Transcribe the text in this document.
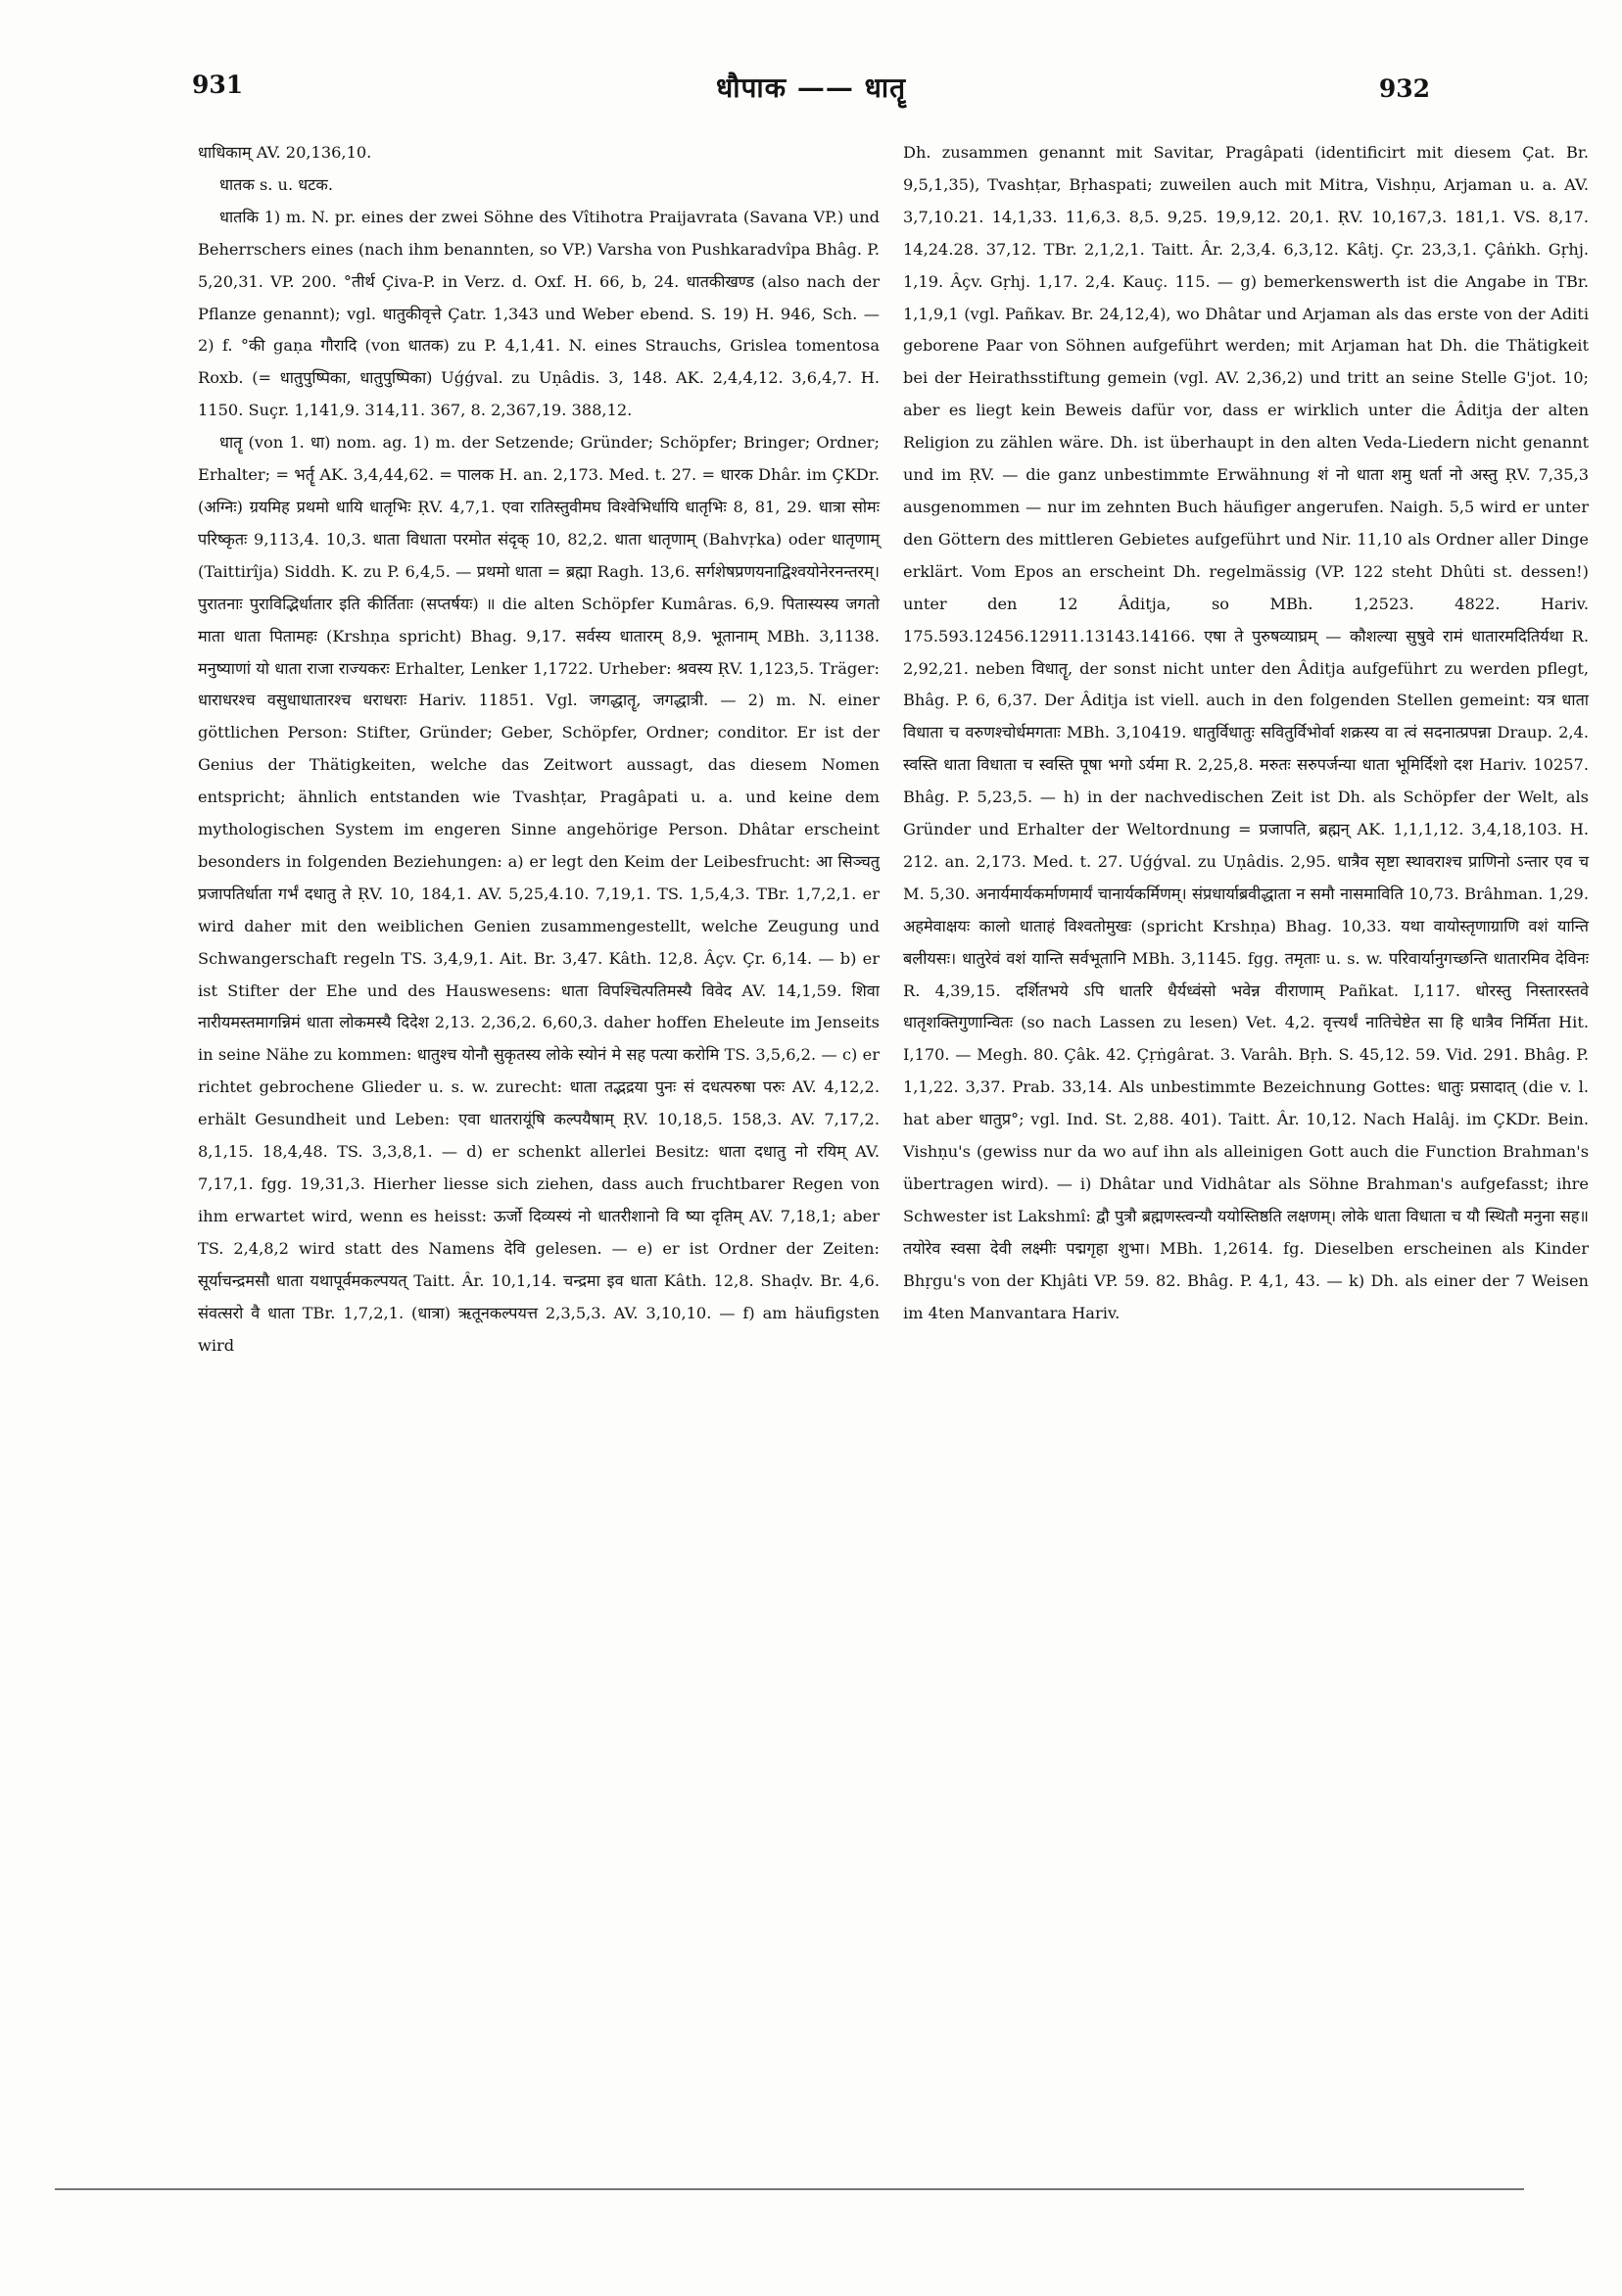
931	धौपाक —— धातॄ	932

धाधिकाम् AV. 20,136,10.

धातक s. u. धटक.

धातकि 1) m. N. pr. eines der zwei Söhne des Vîtihotra Praijavrata (Savana VP.) und Beherrschers eines (nach ihm benannten, so VP.) Varsha von Pushkaradvîpa Bhâg. P. 5,20,31. VP. 200. °तीर्थ Çiva-P. in Verz. d. Oxf. H. 66, b, 24. धातकीखण्ड (also nach der Pflanze genannt); vgl. धातुकीवृत्ते Çatr. 1,343 und Weber ebend. S. 19) H. 946, Sch. — 2) f. °की gaṇa गौरादि (von धातक) zu P. 4,1,41. N. eines Strauchs, Grislea tomentosa Roxb. (= धातुपुष्पिका, धातुपुष्पिका) Uǵǵval. zu Uṇâdis. 3, 148. AK. 2,4,4,12. 3,6,4,7. H. 1150. Suçr. 1,141,9. 314,11. 367, 8. 2,367,19. 388,12.

धातॄ (von 1. धा) nom. ag. 1) m. der Setzende; Gründer; Schöpfer; Bringer; Ordner; Erhalter; = भर्तॄ AK. 3,4,44,62. = पालक H. an. 2,173. Med. t. 27. = धारक Dhâr. im ÇKDr. (अग्निः) ग्रयमिह प्रथमो धायि धातृभिः ṚV. 4,7,1. एवा रातिस्तुवीमघ विश्वेभिर्धायि धातृभिः 8, 81, 29. धात्रा सोमः परिष्कृतः 9,113,4. 10,3. धाता विधाता परमोत संदृक् 10, 82,2. धाता धातृणाम् (Bahvṛka) oder धातृणाम् (Taittirîja) Siddh. K. zu P. 6,4,5. — प्रथमो धाता = ब्रह्मा Ragh. 13,6. सर्गशेषप्रणयनाद्विश्वयोनेरनन्तरम्। पुरातनाः पुराविद्भिर्धातार इति कीर्तिताः (सप्तर्षयः) ॥ die alten Schöpfer Kumâras. 6,9. पितास्यस्य जगतो माता धाता पितामहः (Krshṇa spricht) Bhag. 9,17. सर्वस्य धातारम् 8,9. भूतानाम् MBh. 3,1138. मनुष्याणां यो धाता राजा राज्यकरः Erhalter, Lenker 1,1722. Urheber: श्रवस्य ṚV. 1,123,5. Träger: धाराधरश्च वसुधाधातारश्च धराधराः Hariv. 11851. Vgl. जगद्धातॄ, जगद्धात्री. — 2) m. N. einer göttlichen Person: Stifter, Gründer; Geber, Schöpfer, Ordner; conditor. Er ist der Genius der Thätigkeiten, welche das Zeitwort aussagt, das diesem Nomen entspricht; ähnlich entstanden wie Tvashṭar, Pragâpati u. a. und keine dem mythologischen System im engeren Sinne angehörige Person. Dhâtar erscheint besonders in folgenden Beziehungen: a) er legt den Keim der Leibesfrucht: आ सिञ्चतु प्रजापतिर्धाता गर्भं दधातु ते ṚV. 10, 184,1. AV. 5,25,4.10. 7,19,1. TS. 1,5,4,3. TBr. 1,7,2,1. er wird daher mit den weiblichen Genien zusammengestellt, welche Zeugung und Schwangerschaft regeln TS. 3,4,9,1. Ait. Br. 3,47. Kâth. 12,8. Âçv. Çr. 6,14. — b) er ist Stifter der Ehe und des Hauswesens: धाता विपश्चित्पतिमस्यै विवेद AV. 14,1,59. शिवा नारीयमस्तमागन्निमं धाता लोकमस्यै दिदेश 2,13. 2,36,2. 6,60,3. daher hoffen Eheleute im Jenseits in seine Nähe zu kommen: धातुश्च योनौ सुकृतस्य लोके स्योनं मे सह पत्या करोमि TS. 3,5,6,2. — c) er richtet gebrochene Glieder u. s. w. zurecht: धाता तद्भद्रया पुनः सं दधत्परुषा परुः AV. 4,12,2. erhält Gesundheit und Leben: एवा धातरायूंषि कल्पयैषाम् ṚV. 10,18,5. 158,3. AV. 7,17,2. 8,1,15. 18,4,48. TS. 3,3,8,1. — d) er schenkt allerlei Besitz: धाता दधातु नो रयिम् AV. 7,17,1. fgg. 19,31,3. Hierher liesse sich ziehen, dass auch fruchtbarer Regen von ihm erwartet wird, wenn es heisst: ऊर्जो दिव्यस्यं नो धातरीशानो वि ष्या दृतिम् AV. 7,18,1; aber TS. 2,4,8,2 wird statt des Namens देवि gelesen. — e) er ist Ordner der Zeiten: सूर्याचन्द्रमसौ धाता यथापूर्वमकल्पयत् Taitt. Âr. 10,1,14. चन्द्रमा इव धाता Kâth. 12,8. Shaḍv. Br. 4,6. संवत्सरो वै धाता TBr. 1,7,2,1. (धात्रा) ऋतूनकल्पयत्त 2,3,5,3. AV. 3,10,10. — f) am häufigsten wird

Dh. zusammen genannt mit Savitar, Pragâpati (identificirt mit diesem Çat. Br. 9,5,1,35), Tvashṭar, Bṛhaspati; zuweilen auch mit Mitra, Vishṇu, Arjaman u. a. AV. 3,7,10.21. 14,1,33. 11,6,3. 8,5. 9,25. 19,9,12. 20,1. ṚV. 10,167,3. 181,1. VS. 8,17. 14,24.28. 37,12. TBr. 2,1,2,1. Taitt. Âr. 2,3,4. 6,3,12. Kâtj. Çr. 23,3,1. Çâṅkh. Gṛhj. 1,19. Âçv. Gṛhj. 1,17. 2,4. Kauç. 115. — g) bemerkenswerth ist die Angabe in TBr. 1,1,9,1 (vgl. Pañkav. Br. 24,12,4), wo Dhâtar und Arjaman als das erste von der Aditi geborene Paar von Söhnen aufgeführt werden; mit Arjaman hat Dh. die Thätigkeit bei der Heirathsstiftung gemein (vgl. AV. 2,36,2) und tritt an seine Stelle G'jot. 10; aber es liegt kein Beweis dafür vor, dass er wirklich unter die Âditja der alten Religion zu zählen wäre. Dh. ist überhaupt in den alten Veda-Liedern nicht genannt und im ṚV. — die ganz unbestimmte Erwähnung शं नो धाता शमु धर्ता नो अस्तु ṚV. 7,35,3 ausgenommen — nur im zehnten Buch häufiger angerufen. Naigh. 5,5 wird er unter den Göttern des mittleren Gebietes aufgeführt und Nir. 11,10 als Ordner aller Dinge erklärt. Vom Epos an erscheint Dh. regelmässig (VP. 122 steht Dhûti st. dessen!) unter den 12 Âditja, so MBh. 1,2523. 4822. Hariv. 175.593.12456.12911.13143.14166. एषा ते पुरुषव्याघ्रम् — कौशल्या सुषुवे रामं धातारमदितिर्यथा R. 2,92,21. neben विधातॄ, der sonst nicht unter den Âditja aufgeführt zu werden pflegt, Bhâg. P. 6, 6,37. Der Âditja ist viell. auch in den folgenden Stellen gemeint: यत्र धाता विधाता च वरुणश्चोर्धमगताः MBh. 3,10419. धातुर्विधातुः सवितुर्विभोर्वा शक्रस्य वा त्वं सदनात्प्रपन्ना Draup. 2,4. स्वस्ति धाता विधाता च स्वस्ति पूषा भगो ऽर्यमा R. 2,25,8. मरुतः सरुपर्जन्या धाता भूमिर्दिशो दश Hariv. 10257. Bhâg. P. 5,23,5. — h) in der nachvedischen Zeit ist Dh. als Schöpfer der Welt, als Gründer und Erhalter der Weltordnung = प्रजापति, ब्रह्मन् AK. 1,1,1,12. 3,4,18,103. H. 212. an. 2,173. Med. t. 27. Uǵǵval. zu Uṇâdis. 2,95. धात्रैव सृष्टा स्थावराश्च प्राणिनो ऽन्तार एव च M. 5,30. अनार्यमार्यकर्माणमार्यं चानार्यकर्मिणम्। संप्रधार्याब्रवीद्धाता न समौ नासमाविति 10,73. Brâhman. 1,29. अहमेवाक्षयः कालो धाताहं विश्वतोमुखः (spricht Krshṇa) Bhag. 10,33. यथा वायोस्तृणाग्राणि वशं यान्ति बलीयसः। धातुरेवं वशं यान्ति सर्वभूतानि MBh. 3,1145. fgg. तमृताः u. s. w. परिवार्यानुगच्छन्ति धातारमिव देविनः R. 4,39,15. दर्शितभये ऽपि धातरि धैर्यध्वंसो भवेन्न वीराणाम् Pañkat. I,117. धोरस्तु निस्तारस्तवे धातृशक्तिगुणान्वितः (so nach Lassen zu lesen) Vet. 4,2. वृत्त्यर्थं नातिचेष्टेत सा हि धात्रैव निर्मिता Hit. I,170. — Megh. 80. Çâk. 42. Çṛṅgârat. 3. Varâh. Bṛh. S. 45,12. 59. Vid. 291. Bhâg. P. 1,1,22. 3,37. Prab. 33,14. Als unbestimmte Bezeichnung Gottes: धातुः प्रसादात् (die v. l. hat aber धातुप्र°; vgl. Ind. St. 2,88. 401). Taitt. Âr. 10,12. Nach Halâj. im ÇKDr. Bein. Vishṇu's (gewiss nur da wo auf ihn als alleinigen Gott auch die Function Brahman's übertragen wird). — i) Dhâtar und Vidhâtar als Söhne Brahman's aufgefasst; ihre Schwester ist Lakshmî: द्वौ पुत्रौ ब्रह्मणस्त्वन्यौ ययोस्तिष्ठति लक्षणम्। लोके धाता विधाता च यौ स्थितौ मनुना सह॥ तयोरेव स्वसा देवी लक्ष्मीः पद्मगृहा शुभा। MBh. 1,2614. fg. Dieselben erscheinen als Kinder Bhṛgu's von der Khjâti VP. 59. 82. Bhâg. P. 4,1, 43. — k) Dh. als einer der 7 Weisen im 4ten Manvantara Hariv.
